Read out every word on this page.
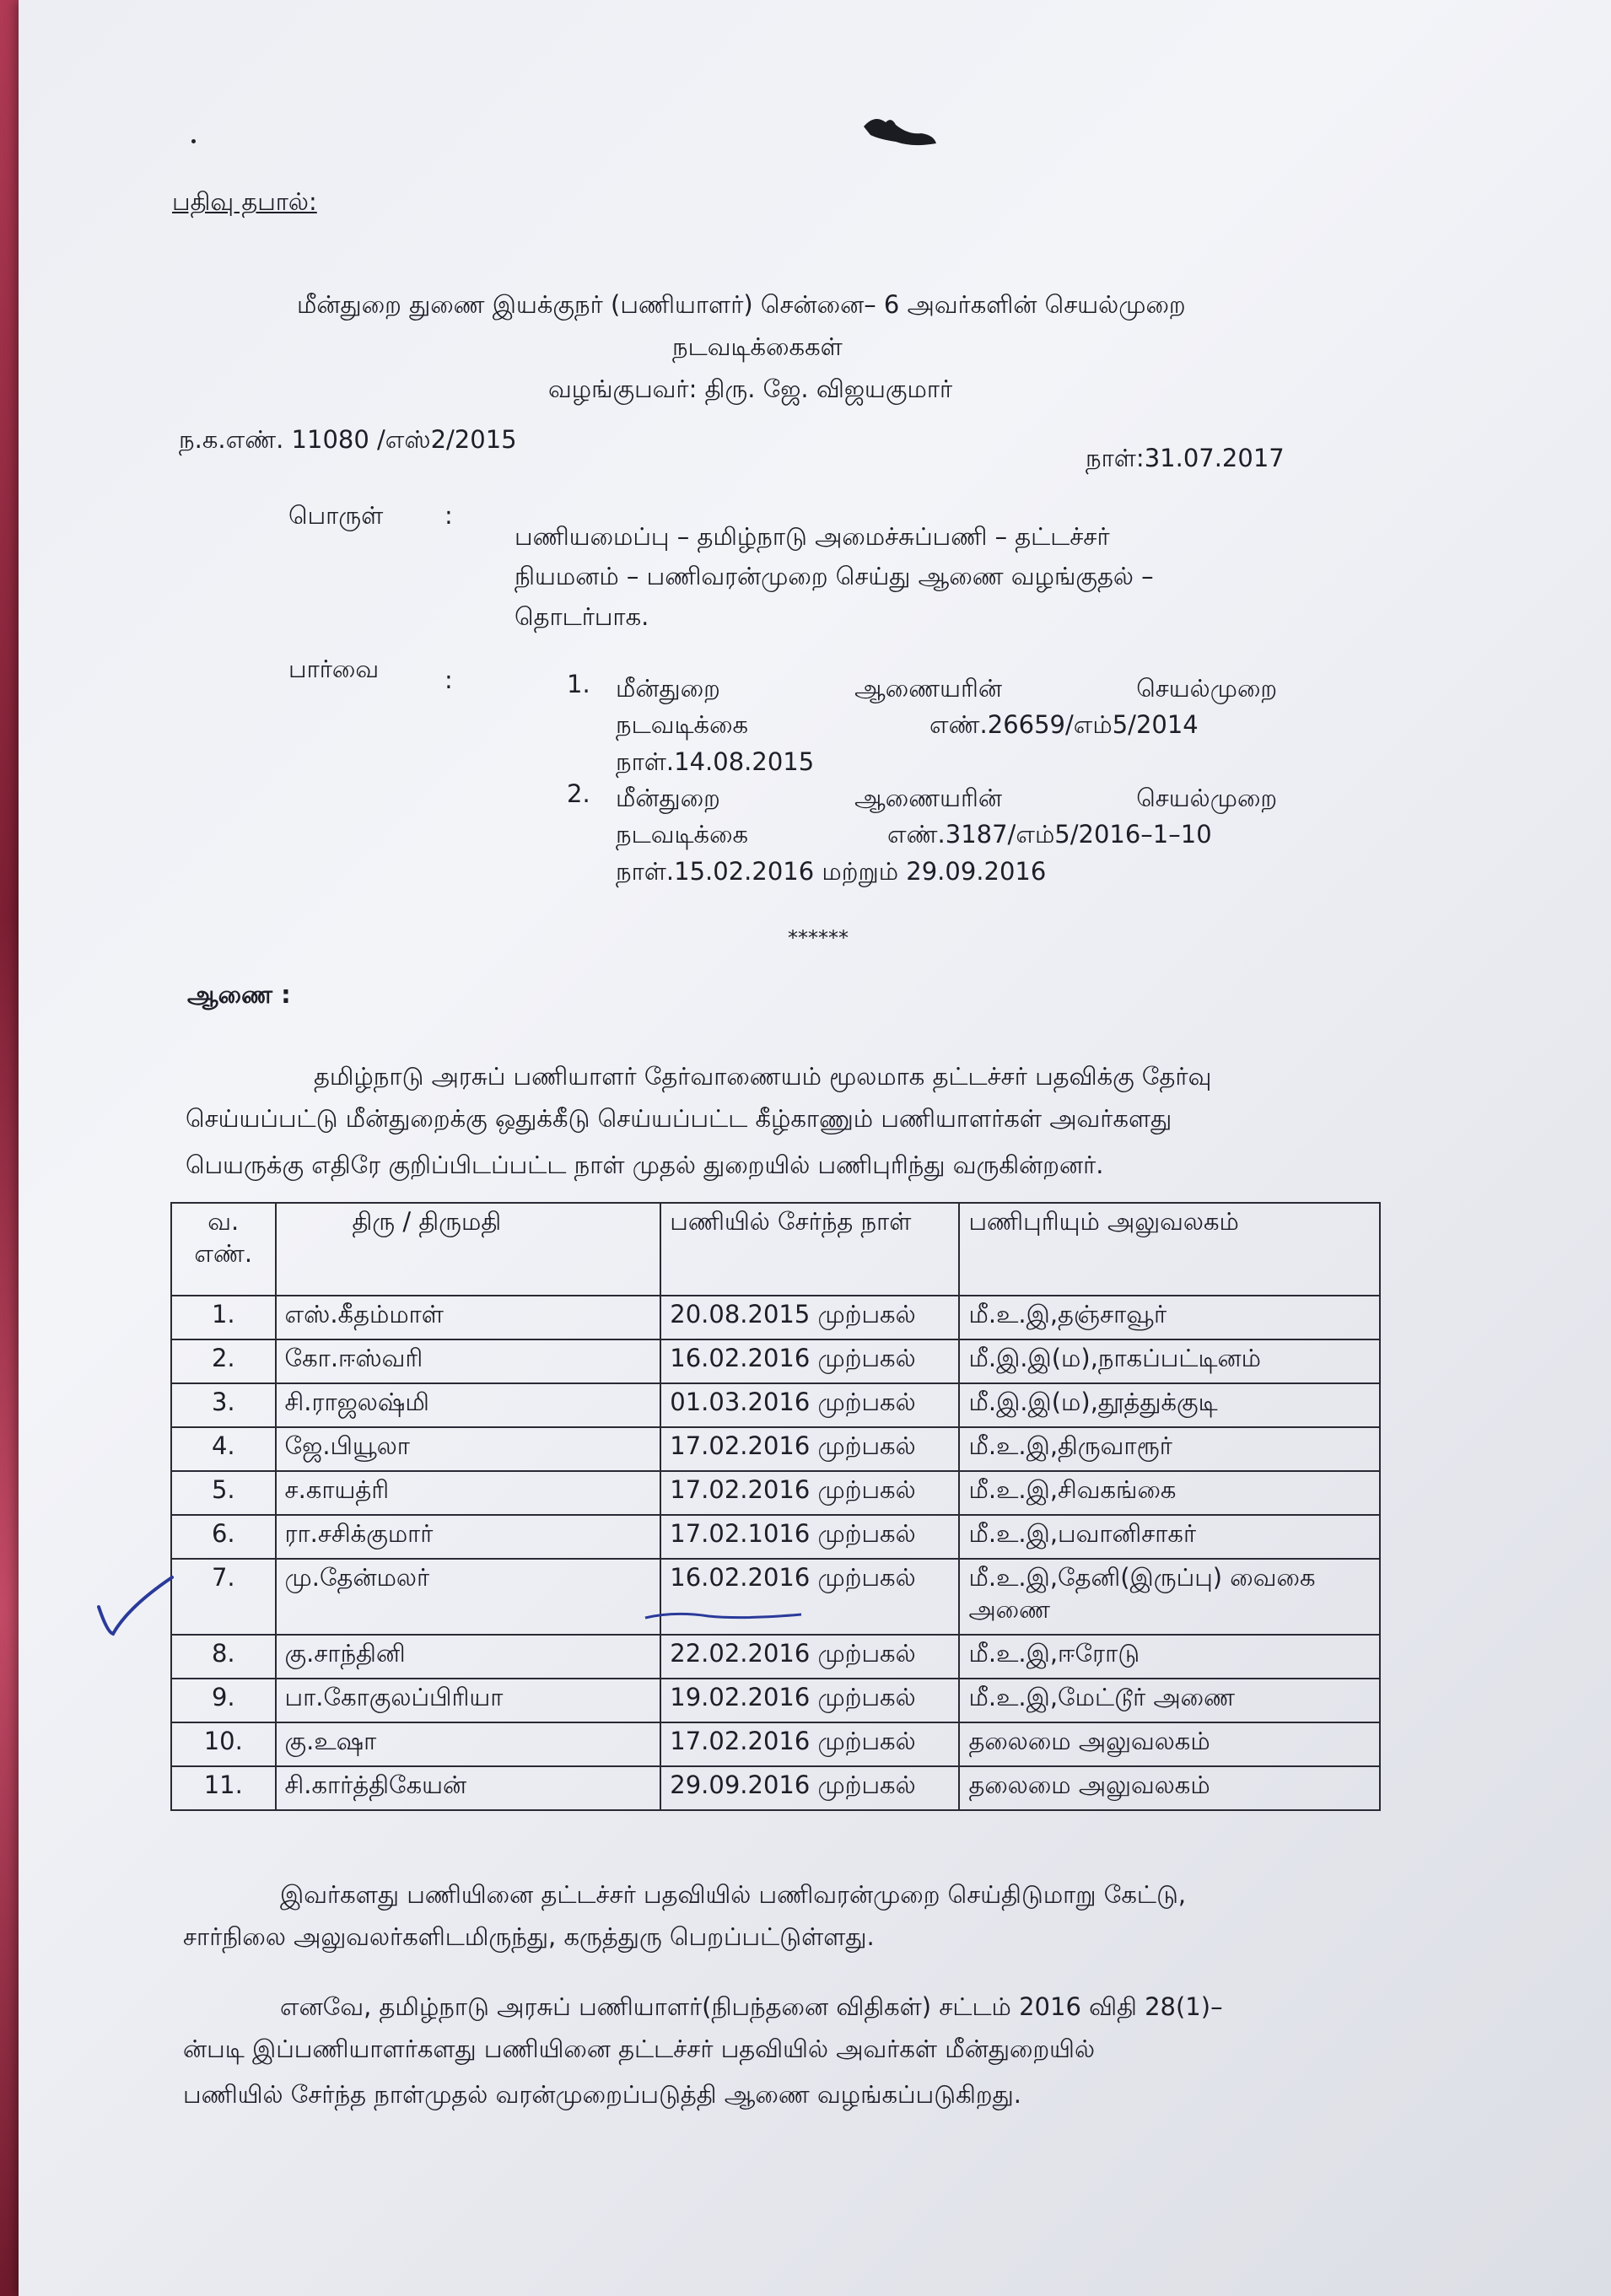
பதிவு தபால்:
மீன்துறை துணை இயக்குநர் (பணியாளர்) சென்னை– 6 அவர்களின் செயல்முறை
நடவடிக்கைகள்
வழங்குபவர்: திரு. ஜே. விஜயகுமார்
ந.க.எண். 11080 /எஸ்2/2015
நாள்:31.07.2017
பொருள்	:
பணியமைப்பு – தமிழ்நாடு அமைச்சுப்பணி – தட்டச்சர்
நியமனம் – பணிவரன்முறை செய்து ஆணை வழங்குதல் –
தொடர்பாக.
பார்வை	:	1. மீன்துறை ஆணையரின் செயல்முறை
நடவடிக்கை	எண்.26659/எம்5/2014
நாள்.14.08.2015
2. மீன்துறை ஆணையரின் செயல்முறை
நடவடிக்கை	எண்.3187/எம்5/2016–1–10
நாள்.15.02.2016 மற்றும் 29.09.2016
******
ஆணை :
தமிழ்நாடு அரசுப் பணியாளர் தேர்வாணையம் மூலமாக தட்டச்சர் பதவிக்கு தேர்வு
செய்யப்பட்டு மீன்துறைக்கு ஒதுக்கீடு செய்யப்பட்ட கீழ்காணும் பணியாளர்கள் அவர்களது
பெயருக்கு எதிரே குறிப்பிடப்பட்ட நாள் முதல் துறையில் பணிபுரிந்து வருகின்றனர்.
வ. எண்.	திரு / திருமதி	பணியில் சேர்ந்த நாள்	பணிபுரியும் அலுவலகம்
1.	எஸ்.கீதம்மாள்	20.08.2015 முற்பகல்	மீ.உ.இ,தஞ்சாவூர்
2.	கோ.ஈஸ்வரி	16.02.2016 முற்பகல்	மீ.இ.இ(ம),நாகப்பட்டினம்
3.	சி.ராஜலஷ்மி	01.03.2016 முற்பகல்	மீ.இ.இ(ம),தூத்துக்குடி
4.	ஜே.பியூலா	17.02.2016 முற்பகல்	மீ.உ.இ,திருவாரூர்
5.	ச.காயத்ரி	17.02.2016 முற்பகல்	மீ.உ.இ,சிவகங்கை
6.	ரா.சசிக்குமார்	17.02.1016 முற்பகல்	மீ.உ.இ,பவானிசாகர்
7.	மு.தேன்மலர்	16.02.2016 முற்பகல்	மீ.உ.இ,தேனி(இருப்பு) வைகை அணை
8.	கு.சாந்தினி	22.02.2016 முற்பகல்	மீ.உ.இ,ஈரோடு
9.	பா.கோகுலப்பிரியா	19.02.2016 முற்பகல்	மீ.உ.இ,மேட்டூர் அணை
10.	கு.உஷா	17.02.2016 முற்பகல்	தலைமை அலுவலகம்
11.	சி.கார்த்திகேயன்	29.09.2016 முற்பகல்	தலைமை அலுவலகம்
இவர்களது பணியினை தட்டச்சர் பதவியில் பணிவரன்முறை செய்திடுமாறு கேட்டு,
சார்நிலை அலுவலர்களிடமிருந்து, கருத்துரு பெறப்பட்டுள்ளது.
எனவே, தமிழ்நாடு அரசுப் பணியாளர்(நிபந்தனை விதிகள்) சட்டம் 2016 விதி 28(1)–
ன்படி இப்பணியாளர்களது பணியினை தட்டச்சர் பதவியில் அவர்கள் மீன்துறையில்
பணியில் சேர்ந்த நாள்முதல் வரன்முறைப்படுத்தி ஆணை வழங்கப்படுகிறது.
